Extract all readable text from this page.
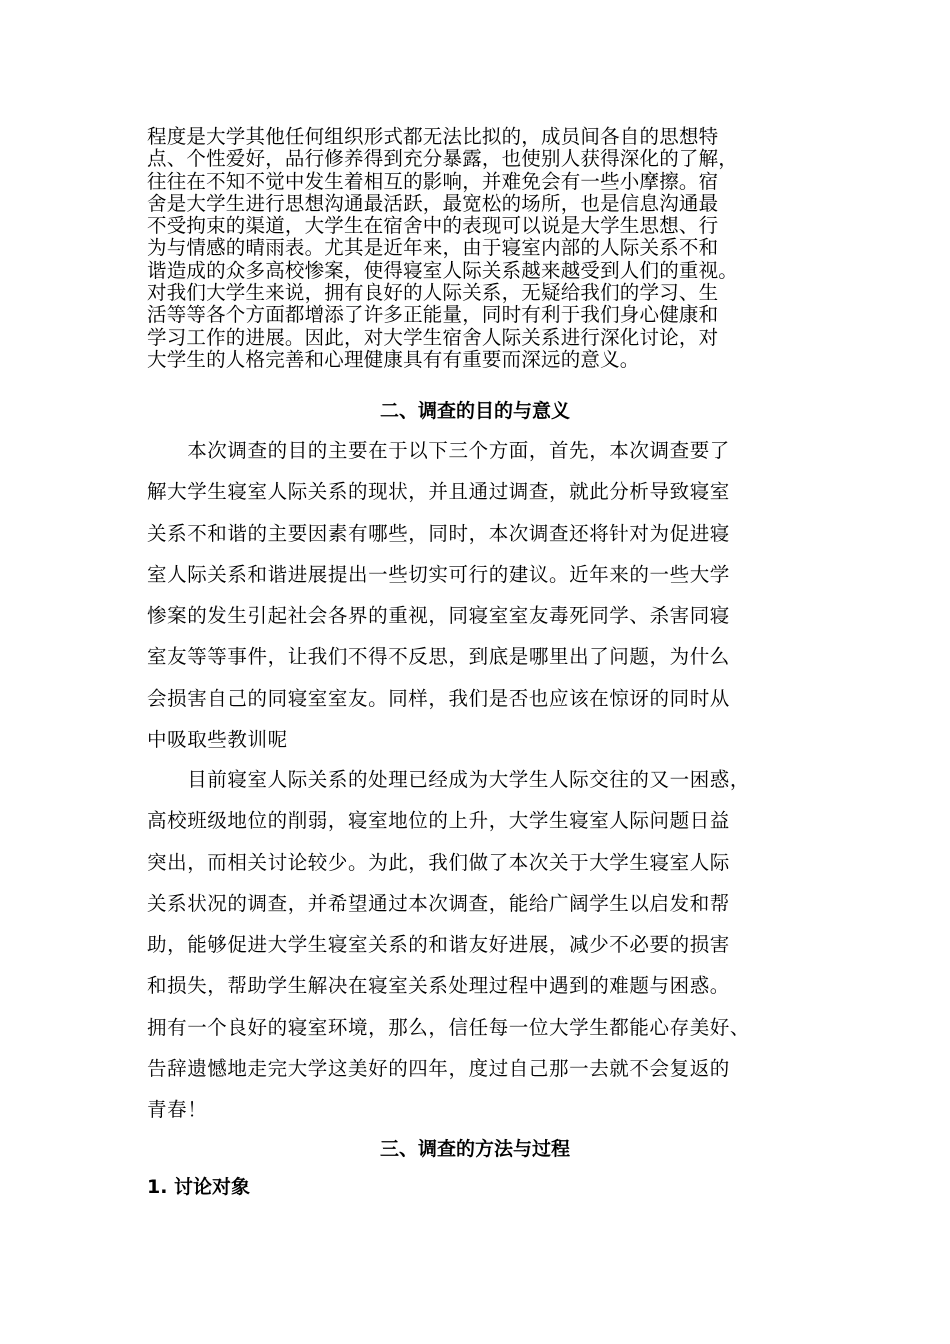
程度是大学其他任何组织形式都无法比拟的，成员间各自的思想特
点、个性爱好，品行修养得到充分暴露，也使别人获得深化的了解，
往往在不知不觉中发生着相互的影响，并难免会有一些小摩擦。宿
舍是大学生进行思想沟通最活跃，最宽松的场所，也是信息沟通最
不受拘束的渠道，大学生在宿舍中的表现可以说是大学生思想、行
为与情感的晴雨表。尤其是近年来，由于寝室内部的人际关系不和
谐造成的众多高校惨案，使得寝室人际关系越来越受到人们的重视。
对我们大学生来说，拥有良好的人际关系，无疑给我们的学习、生
活等等各个方面都增添了许多正能量，同时有利于我们身心健康和
学习工作的进展。因此，对大学生宿舍人际关系进行深化讨论，对
大学生的人格完善和心理健康具有有重要而深远的意义。
二、调查的目的与意义
　　本次调查的目的主要在于以下三个方面，首先，本次调查要了
解大学生寝室人际关系的现状，并且通过调查，就此分析导致寝室
关系不和谐的主要因素有哪些，同时，本次调查还将针对为促进寝
室人际关系和谐进展提出一些切实可行的建议。近年来的一些大学
惨案的发生引起社会各界的重视，同寝室室友毒死同学、杀害同寝
室友等等事件，让我们不得不反思，到底是哪里出了问题，为什么
会损害自己的同寝室室友。同样，我们是否也应该在惊讶的同时从
中吸取些教训呢
　　目前寝室人际关系的处理已经成为大学生人际交往的又一困惑，
高校班级地位的削弱，寝室地位的上升，大学生寝室人际问题日益
突出，而相关讨论较少。为此，我们做了本次关于大学生寝室人际
关系状况的调查，并希望通过本次调查，能给广阔学生以启发和帮
助，能够促进大学生寝室关系的和谐友好进展，减少不必要的损害
和损失，帮助学生解决在寝室关系处理过程中遇到的难题与困惑。
拥有一个良好的寝室环境，那么，信任每一位大学生都能心存美好、
告辞遗憾地走完大学这美好的四年，度过自己那一去就不会复返的
青春！
三、调查的方法与过程
1. 讨论对象
